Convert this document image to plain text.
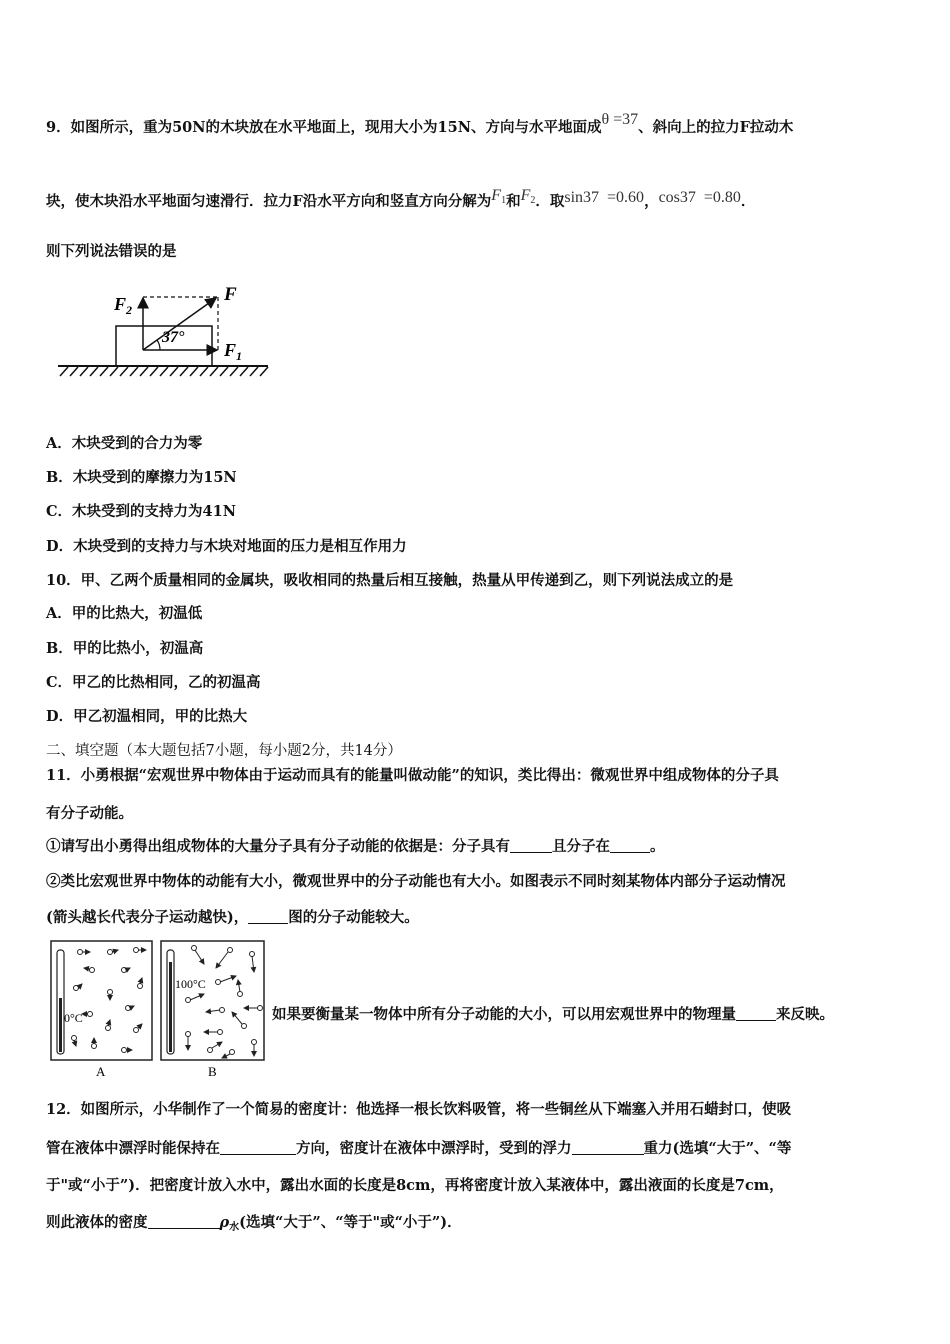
9．如图所示，重为50N的木块放在水平地面上，现用大小为15N、方向与水平地面成θ =37、斜向上的拉力F拉动木
块，使木块沿水平地面匀速滑行．拉力F沿水平方向和竖直方向分解为$F_1$和$F_2$．取sin37 =0.60，cos37 =0.80．
则下列说法错误的是
$F_2$
F
$F_1$
37°
A．木块受到的合力为零
B．木块受到的摩擦力为15N
C．木块受到的支持力为41N
D．木块受到的支持力与木块对地面的压力是相互作用力
10．甲、乙两个质量相同的金属块，吸收相同的热量后相互接触，热量从甲传递到乙，则下列说法成立的是
A．甲的比热大，初温低
B．甲的比热小，初温高
C．甲乙的比热相同，乙的初温高
D．甲乙初温相同，甲的比热大
二、填空题（本大题包括7小题，每小题2分，共14分）
11．小勇根据“宏观世界中物体由于运动而具有的能量叫做动能”的知识，类比得出：微观世界中组成物体的分子具
有分子动能。
①请写出小勇得出组成物体的大量分子具有分子动能的依据是：分子具有	且分子在	。
②类比宏观世界中物体的动能有大小，微观世界中的分子动能也有大小。如图表示不同时刻某物体内部分子运动情况
(箭头越长代表分子运动越快)，	图的分子动能较大。
0°C
A
100°C
B
如果要衡量某一物体中所有分子动能的大小，可以用宏观世界中的物理量	来反映。
12．如图所示，小华制作了一个简易的密度计：他选择一根长饮料吸管，将一些铜丝从下端塞入并用石蜡封口，使吸
管在液体中漂浮时能保持在	方向，密度计在液体中漂浮时，受到的浮力	重力(选填“大于”、“等
于"或“小于”)．把密度计放入水中，露出水面的长度是8cm，再将密度计放入某液体中，露出液面的长度是7cm，
则此液体的密度	$\rho_水$(选填“大于”、“等于"或“小于”)．
